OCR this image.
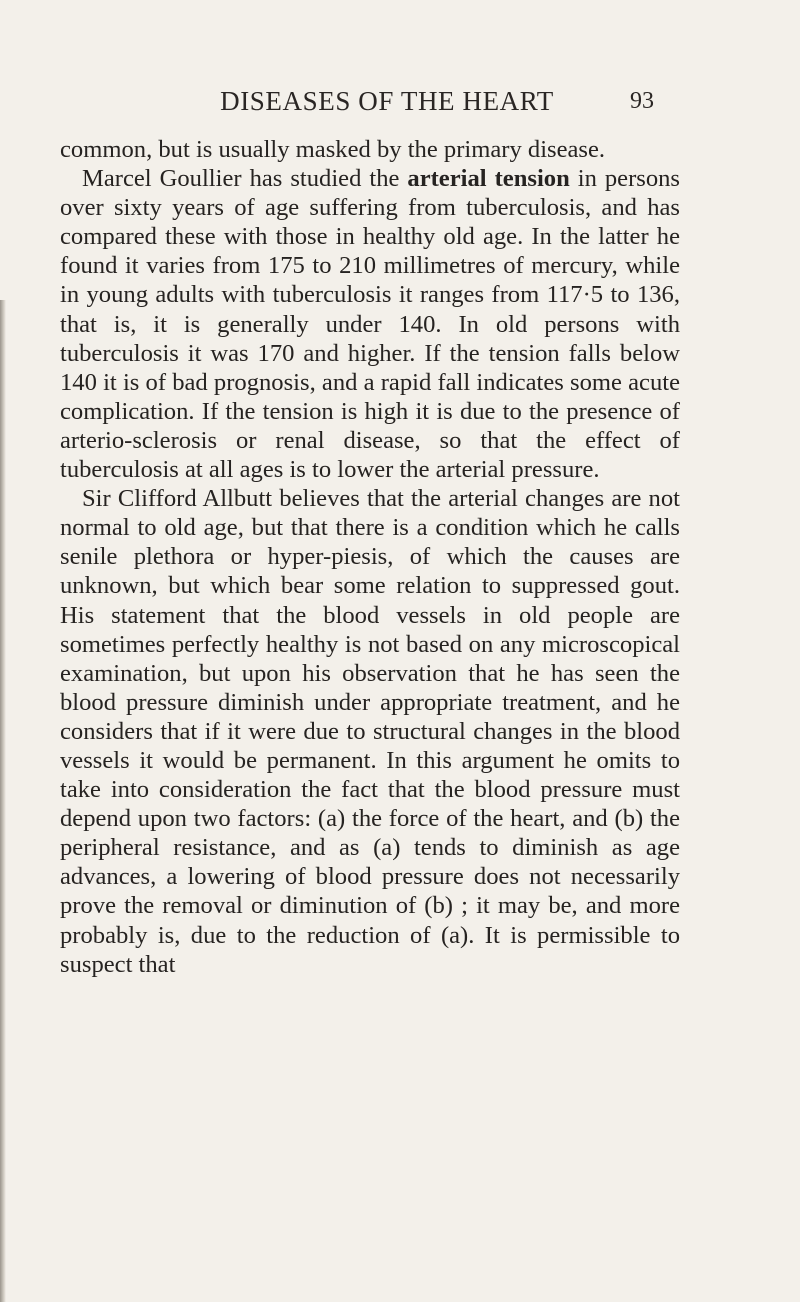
DISEASES OF THE HEART	93

common, but is usually masked by the primary disease.

Marcel Goullier has studied the arterial tension in persons over sixty years of age suffering from tuberculosis, and has compared these with those in healthy old age. In the latter he found it varies from 175 to 210 millimetres of mercury, while in young adults with tuberculosis it ranges from 117·5 to 136, that is, it is generally under 140. In old persons with tuberculosis it was 170 and higher. If the tension falls below 140 it is of bad prognosis, and a rapid fall indicates some acute complication. If the tension is high it is due to the presence of arterio-sclerosis or renal disease, so that the effect of tuberculosis at all ages is to lower the arterial pressure.

Sir Clifford Allbutt believes that the arterial changes are not normal to old age, but that there is a condition which he calls senile plethora or hyper-piesis, of which the causes are unknown, but which bear some relation to suppressed gout. His statement that the blood vessels in old people are sometimes perfectly healthy is not based on any microscopical examination, but upon his observation that he has seen the blood pressure diminish under appropriate treatment, and he considers that if it were due to structural changes in the blood vessels it would be permanent. In this argument he omits to take into consideration the fact that the blood pressure must depend upon two factors: (a) the force of the heart, and (b) the peripheral resistance, and as (a) tends to diminish as age advances, a lowering of blood pressure does not necessarily prove the removal or diminution of (b) ; it may be, and more probably is, due to the reduction of (a). It is permissible to suspect that
